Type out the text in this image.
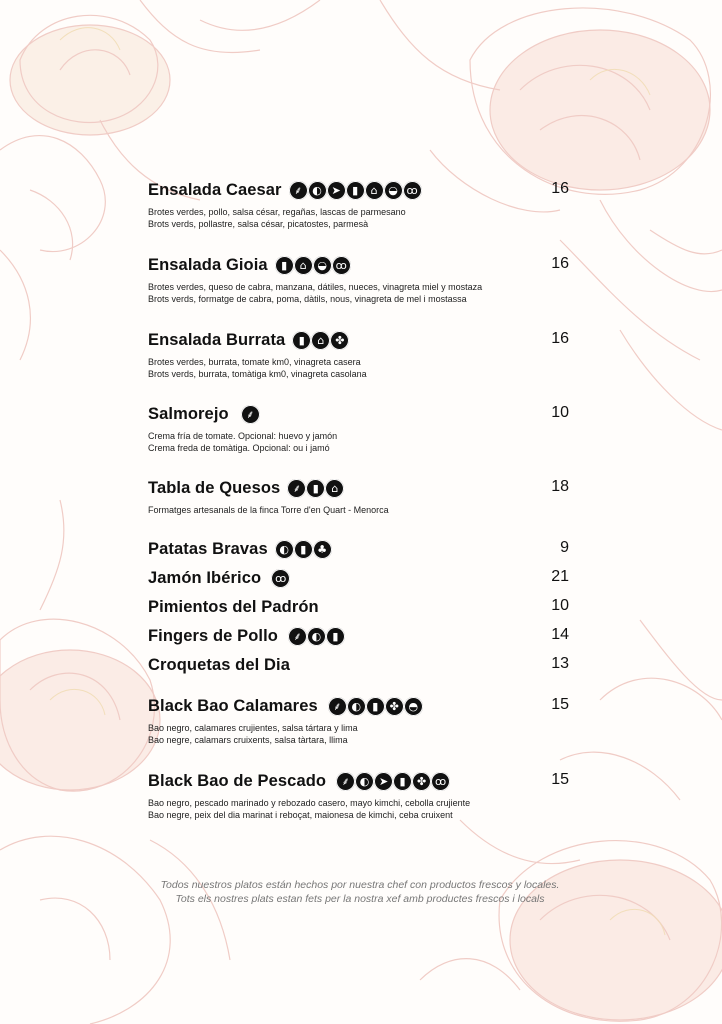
Ensalada Caesar	⸙ ◐ ➤	▮	⌂ ◒ ꝏ	16
Brotes verdes, pollo, salsa césar, regañas, lascas de parmesano
Brots verds, pollastre, salsa césar, picatostes, parmesà
Ensalada Gioia	▮	⌂ ◒ ꝏ	16
Brotes verdes, queso de cabra, manzana, dátiles, nueces, vinagreta miel y mostaza
Brots verds, formatge de cabra, poma, dàtils, nous, vinagreta de mel i mostassa
Ensalada Burrata	▮	⌂ ✤	16
Brotes verdes, burrata, tomate km0, vinagreta casera
Brots verds, burrata, tomàtiga km0, vinagreta casolana
Salmorejo	⸙	10
Crema fría de tomate. Opcional: huevo y jamón
Crema freda de tomàtiga. Opcional: ou i jamó
Tabla de Quesos	⸙	▮	⌂	18
Formatges artesanals de la finca Torre d'en Quart - Menorca
Patatas Bravas	◐	▮	♣	9
Jamón Ibérico	ꝏ	21
Pimientos del Padrón	10
Fingers de Pollo	⸙ ◐	▮	14
Croquetas del Dia	13
Black Bao Calamares	⸙ ◐	▮	✤ ◓	15
Bao negro, calamares crujientes, salsa tártara y lima
Bao negre, calamars cruixents, salsa tàrtara, llima
Black Bao de Pescado	⸙ ◐ ➤	▮	✤ ꝏ	15
Bao negro, pescado marinado y rebozado casero, mayo kimchi, cebolla crujiente
Bao negre, peix del dia marinat i reboçat, maionesa de kimchi, ceba cruixent
Todos nuestros platos están hechos por nuestra chef con productos frescos y locales.
Tots els nostres plats estan fets per la nostra xef amb productes frescos i locals
